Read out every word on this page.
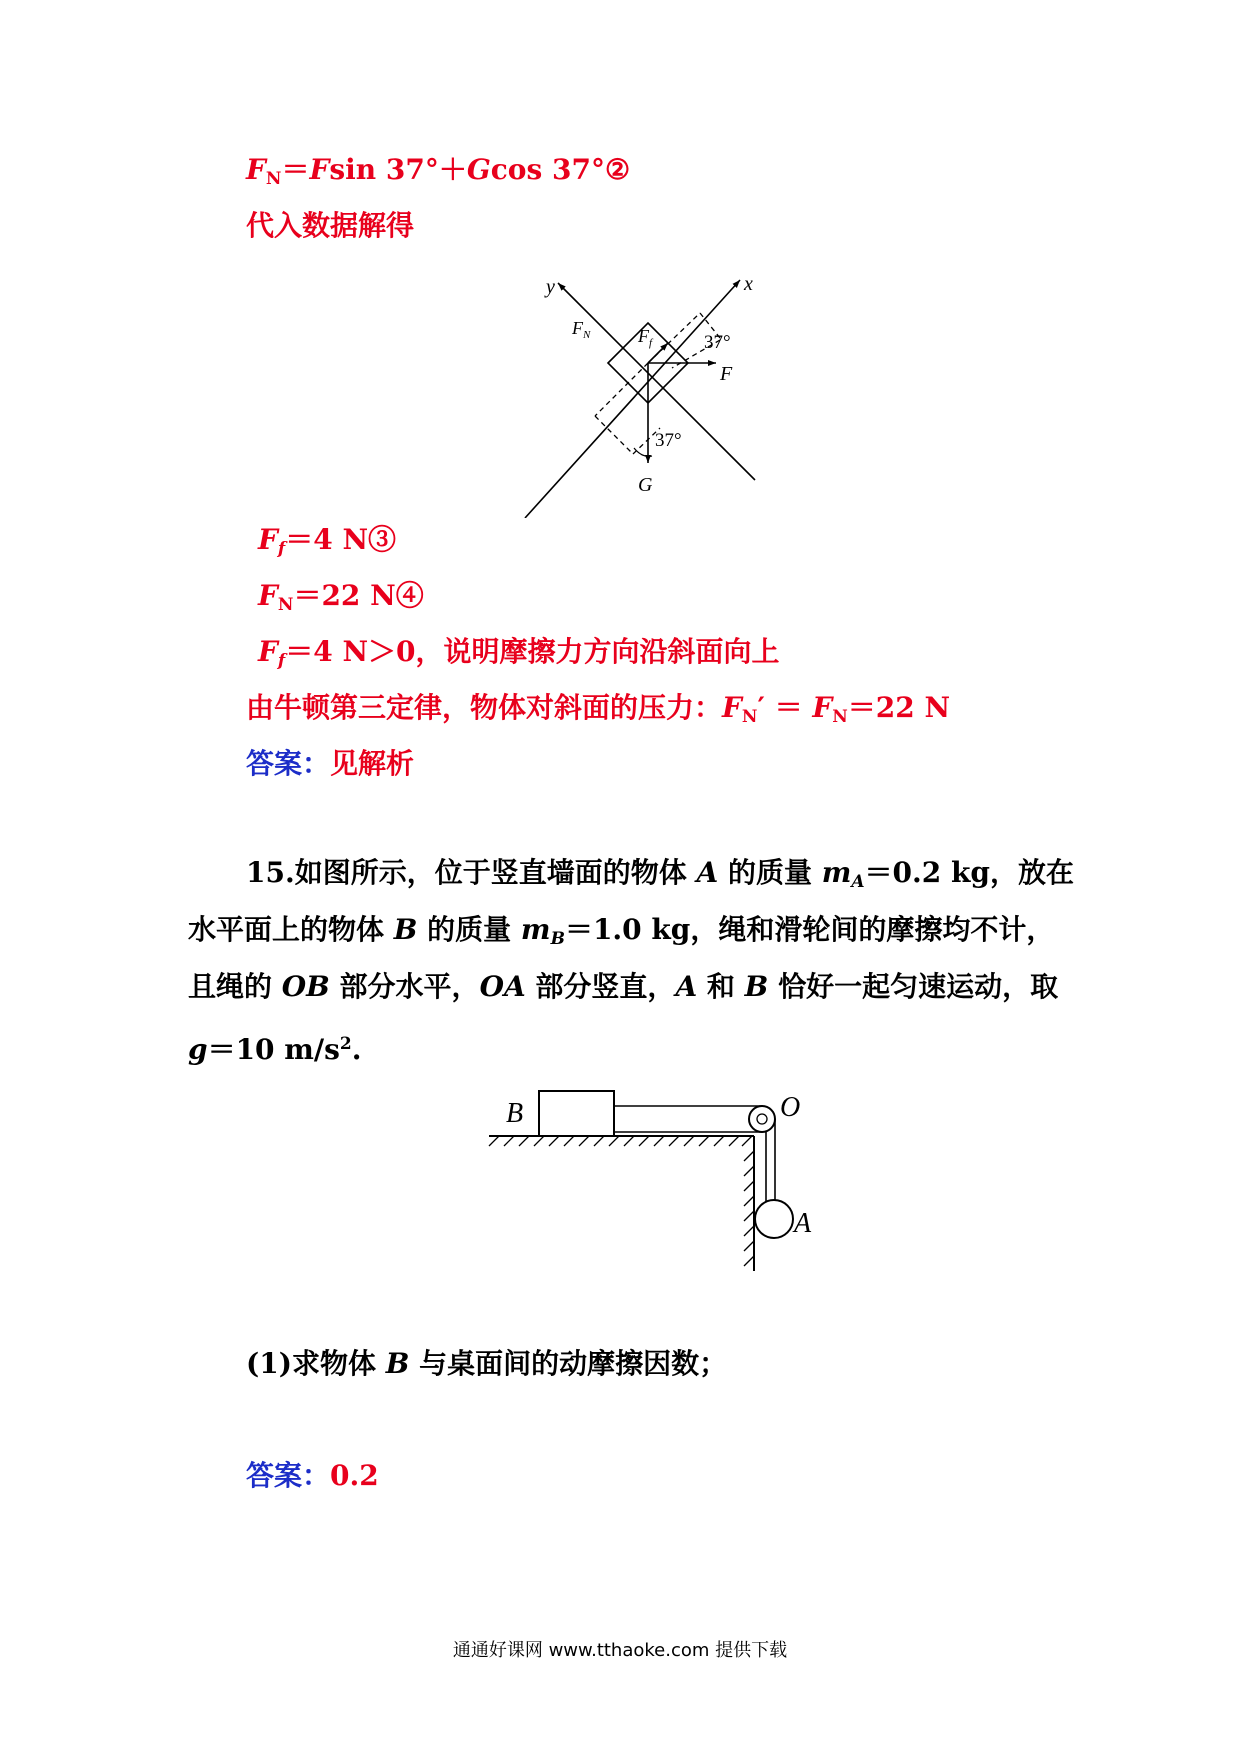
$F_N=Fsin$ 37°＋Gcos 37°②
代入数据解得
y	x
$F_N$	$F_f$	37°
F
37°
G
$F_f=4$ N③
$F_N=22$ N④
$F_f=4$ N＞0，说明摩擦力方向沿斜面向上
由牛顿第三定律，物体对斜面的压力：$F_N' = F_N=22$ N
答案：见解析
15.如图所示，位于竖直墙面的物体 A 的质量 $m_A=0.2$ kg，放在
水平面上的物体 B 的质量 $m_B=1.0$ kg，绳和滑轮间的摩擦均不计，
且绳的 OB 部分水平，OA 部分竖直，A 和 B 恰好一起匀速运动，取
g＝10 $m/s^2$.
B	O
A
(1)求物体 B 与桌面间的动摩擦因数；
答案：0.2
通通好课网 www.tthaoke.com 提供下载
